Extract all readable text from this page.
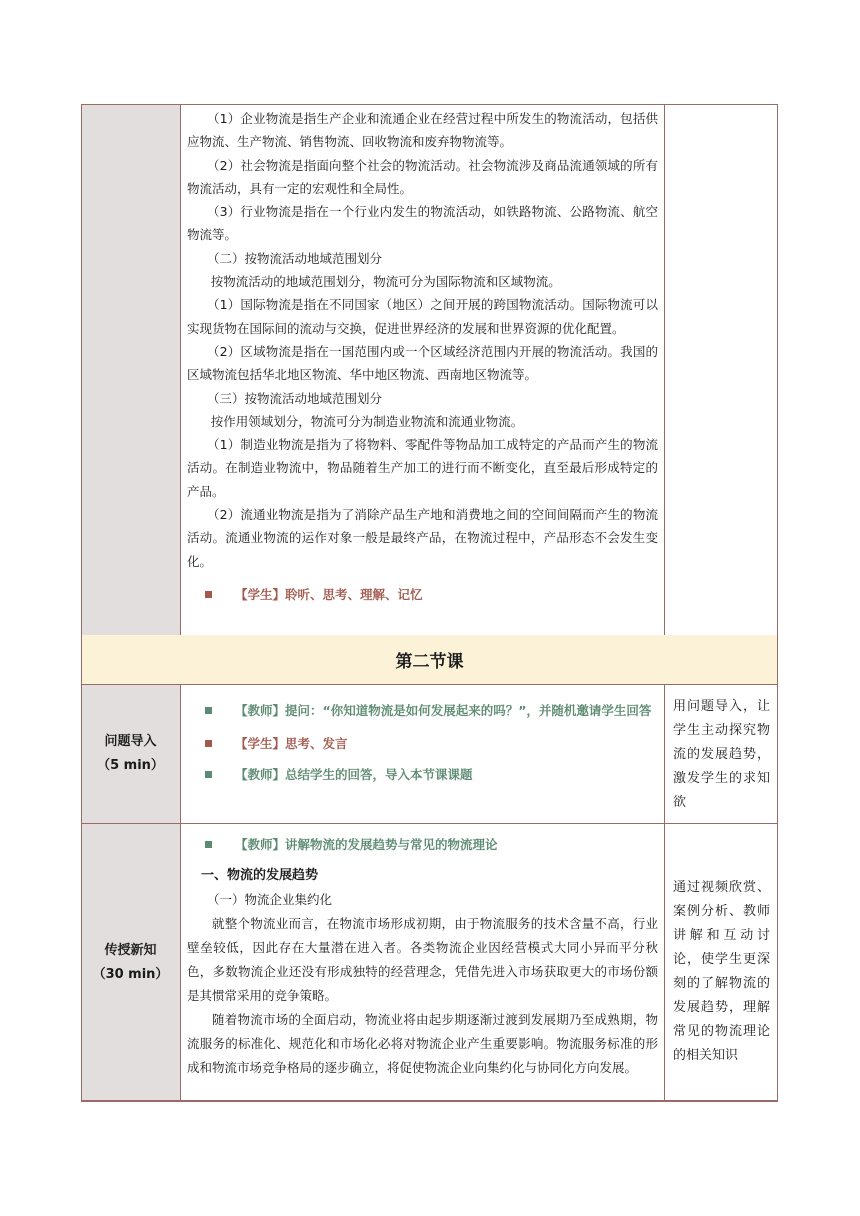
（1）企业物流是指生产企业和流通企业在经营过程中所发生的物流活动，包括供应物流、生产物流、销售物流、回收物流和废弃物物流等。

（2）社会物流是指面向整个社会的物流活动。社会物流涉及商品流通领域的所有物流活动，具有一定的宏观性和全局性。

（3）行业物流是指在一个行业内发生的物流活动，如铁路物流、公路物流、航空物流等。

（二）按物流活动地域范围划分

按物流活动的地域范围划分，物流可分为国际物流和区域物流。

（1）国际物流是指在不同国家（地区）之间开展的跨国物流活动。国际物流可以实现货物在国际间的流动与交换，促进世界经济的发展和世界资源的优化配置。

（2）区域物流是指在一国范围内或一个区域经济范围内开展的物流活动。我国的区域物流包括华北地区物流、华中地区物流、西南地区物流等。

（三）按物流活动地域范围划分

按作用领域划分，物流可分为制造业物流和流通业物流。

（1）制造业物流是指为了将物料、零配件等物品加工成特定的产品而产生的物流活动。在制造业物流中，物品随着生产加工的进行而不断变化，直至最后形成特定的产品。

（2）流通业物流是指为了消除产品生产地和消费地之间的空间间隔而产生的物流活动。流通业物流的运作对象一般是最终产品，在物流过程中，产品形态不会发生变化。

【学生】聆听、思考、理解、记忆
第二节课
问题导入
（5 min）
【教师】提问：“你知道物流是如何发展起来的吗？”，并随机邀请学生回答
【学生】思考、发言
【教师】总结学生的回答，导入本节课课题
用问题导入，让学生主动探究物流的发展趋势，激发学生的求知欲
传授新知
（30 min）
【教师】讲解物流的发展趋势与常见的物流理论
一、物流的发展趋势

（一）物流企业集约化

就整个物流业而言，在物流市场形成初期，由于物流服务的技术含量不高，行业壁垒较低，因此存在大量潜在进入者。各类物流企业因经营模式大同小异而平分秋色，多数物流企业还没有形成独特的经营理念，凭借先进入市场获取更大的市场份额是其惯常采用的竞争策略。

随着物流市场的全面启动，物流业将由起步期逐渐过渡到发展期乃至成熟期，物流服务的标准化、规范化和市场化必将对物流企业产生重要影响。物流服务标准的形成和物流市场竞争格局的逐步确立，将促使物流企业向集约化与协同化方向发展。

通过视频欣赏、案例分析、教师讲解和互动讨论，使学生更深刻的了解物流的发展趋势，理解常见的物流理论的相关知识
